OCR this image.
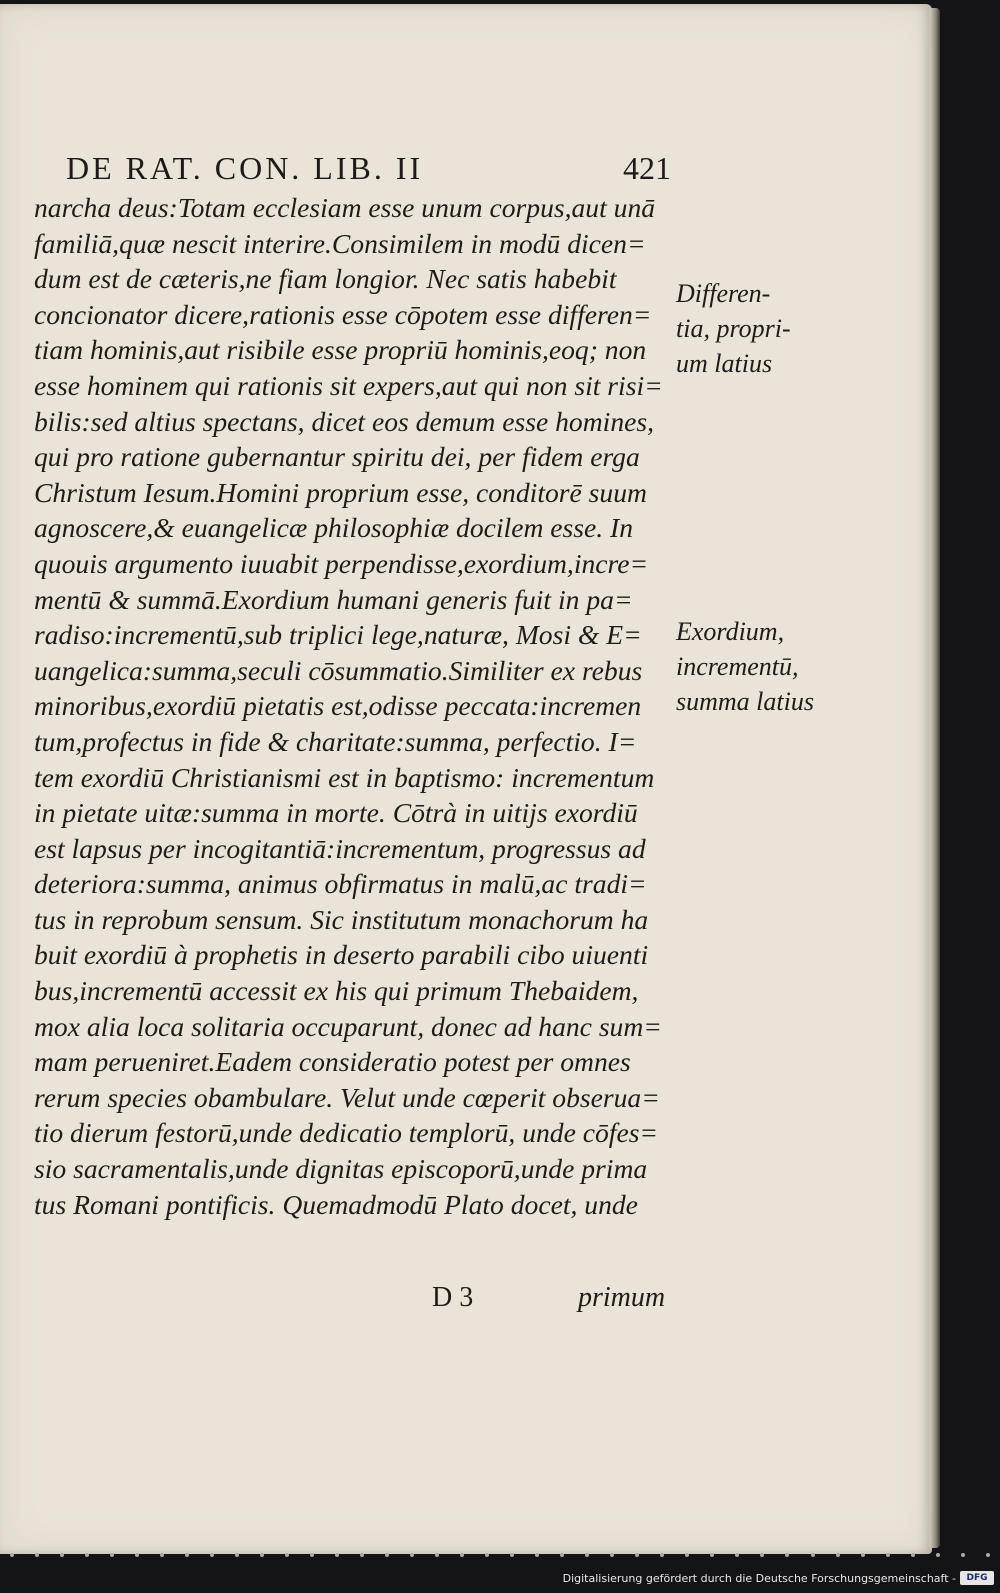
DE RAT. CON. LIB. II	421
narcha deus:Totam ecclesiam esse unum corpus,aut unā
familiā,quæ nescit interire.Consimilem in modū dicen=
dum est de cæteris,ne fiam longior. Nec satis habebit
concionator dicere,rationis esse cōpotem esse differen=
tiam hominis,aut risibile esse propriū hominis,eoq; non
esse hominem qui rationis sit expers,aut qui non sit risi=
bilis:sed altius spectans, dicet eos demum esse homines,
qui pro ratione gubernantur spiritu dei, per fidem erga
Christum Iesum.Homini proprium esse, conditorē suum
agnoscere,& euangelicæ philosophiæ docilem esse. In
quouis argumento iuuabit perpendisse,exordium,incre=
mentū & summā.Exordium humani generis fuit in pa=
radiso:incrementū,sub triplici lege,naturæ, Mosi & E=
uangelica:summa,seculi cōsummatio.Similiter ex rebus
minoribus,exordiū pietatis est,odisse peccata:incremen
tum,profectus in fide & charitate:summa, perfectio. I=
tem exordiū Christianismi est in baptismo: incrementum
in pietate uitæ:summa in morte. Cōtrà in uitijs exordiū
est lapsus per incogitantiā:incrementum, progressus ad
deteriora:summa, animus obfirmatus in malū,ac tradi=
tus in reprobum sensum. Sic institutum monachorum ha
buit exordiū à prophetis in deserto parabili cibo uiuenti
bus,incrementū accessit ex his qui primum Thebaidem,
mox alia loca solitaria occuparunt, donec ad hanc sum=
mam perueniret.Eadem consideratio potest per omnes
rerum species obambulare. Velut unde cœperit obserua=
tio dierum festorū,unde dedicatio templorū, unde cōfes=
sio sacramentalis,unde dignitas episcoporū,unde prima
tus Romani pontificis. Quemadmodū Plato docet, unde
Differen-
tia, propri-
um latius
Exordium,
incrementū,
summa latius
D 3	primum
Digitalisierung gefördert durch die Deutsche Forschungsgemeinschaft -	DFG
